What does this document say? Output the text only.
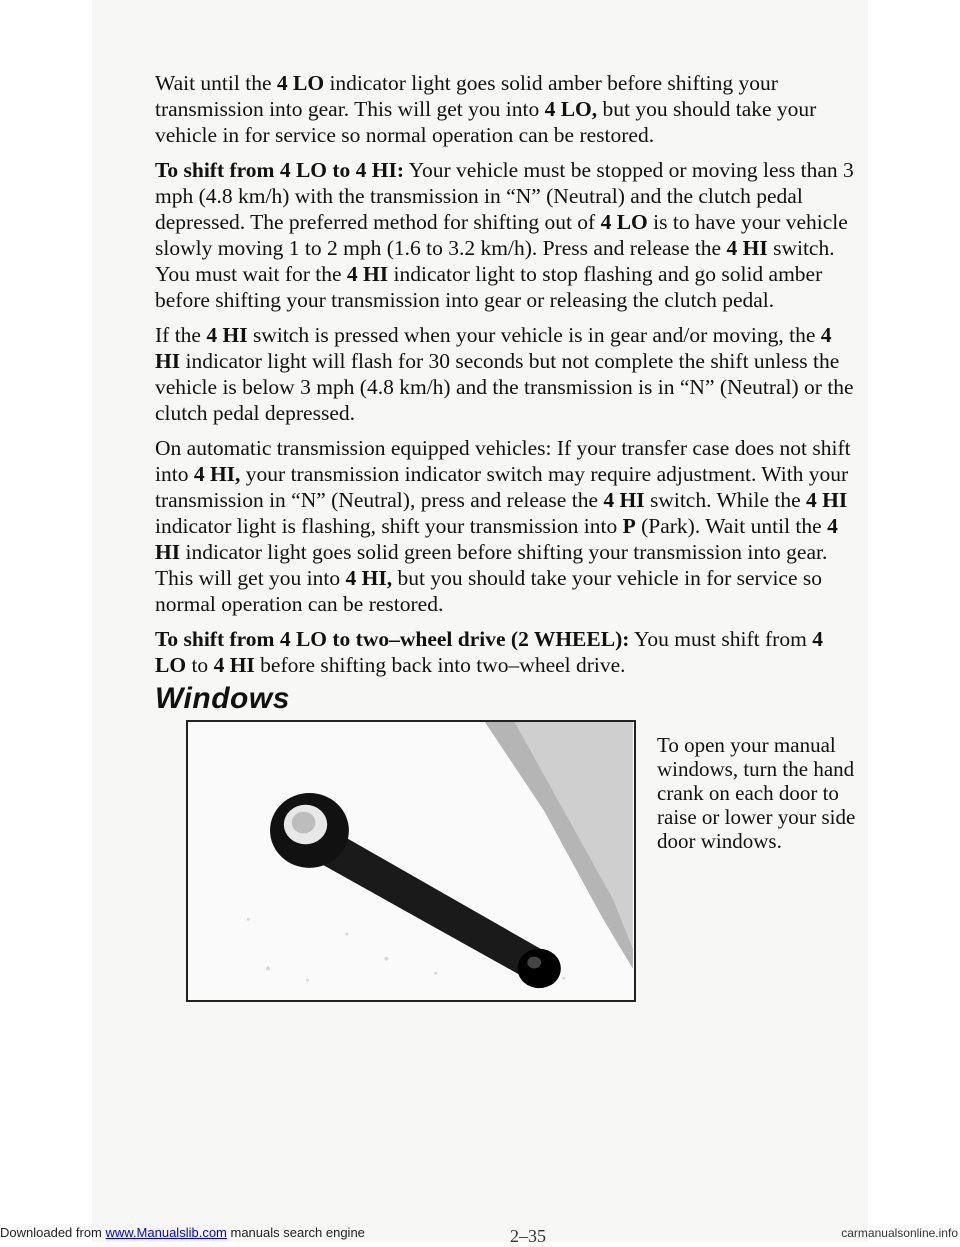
Wait until the 4 LO indicator light goes solid amber before shifting your transmission into gear. This will get you into 4 LO, but you should take your vehicle in for service so normal operation can be restored.

To shift from 4 LO to 4 HI: Your vehicle must be stopped or moving less than 3 mph (4.8 km/h) with the transmission in “N” (Neutral) and the clutch pedal depressed. The preferred method for shifting out of 4 LO is to have your vehicle slowly moving 1 to 2 mph (1.6 to 3.2 km/h). Press and release the 4 HI switch. You must wait for the 4 HI indicator light to stop flashing and go solid amber before shifting your transmission into gear or releasing the clutch pedal.

If the 4 HI switch is pressed when your vehicle is in gear and/or moving, the 4 HI indicator light will flash for 30 seconds but not complete the shift unless the vehicle is below 3 mph (4.8 km/h) and the transmission is in “N” (Neutral) or the clutch pedal depressed.

On automatic transmission equipped vehicles: If your transfer case does not shift into 4 HI, your transmission indicator switch may require adjustment. With your transmission in “N” (Neutral), press and release the 4 HI switch. While the 4 HI indicator light is flashing, shift your transmission into P (Park). Wait until the 4 HI indicator light goes solid green before shifting your transmission into gear. This will get you into 4 HI, but you should take your vehicle in for service so normal operation can be restored.

To shift from 4 LO to two–wheel drive (2 WHEEL): You must shift from 4 LO to 4 HI before shifting back into two–wheel drive.

Windows
To open your manual windows, turn the hand crank on each door to raise or lower your side door windows.
2–35
Downloaded from www.Manualslib.com manuals search engine	carmanualsonline.info
